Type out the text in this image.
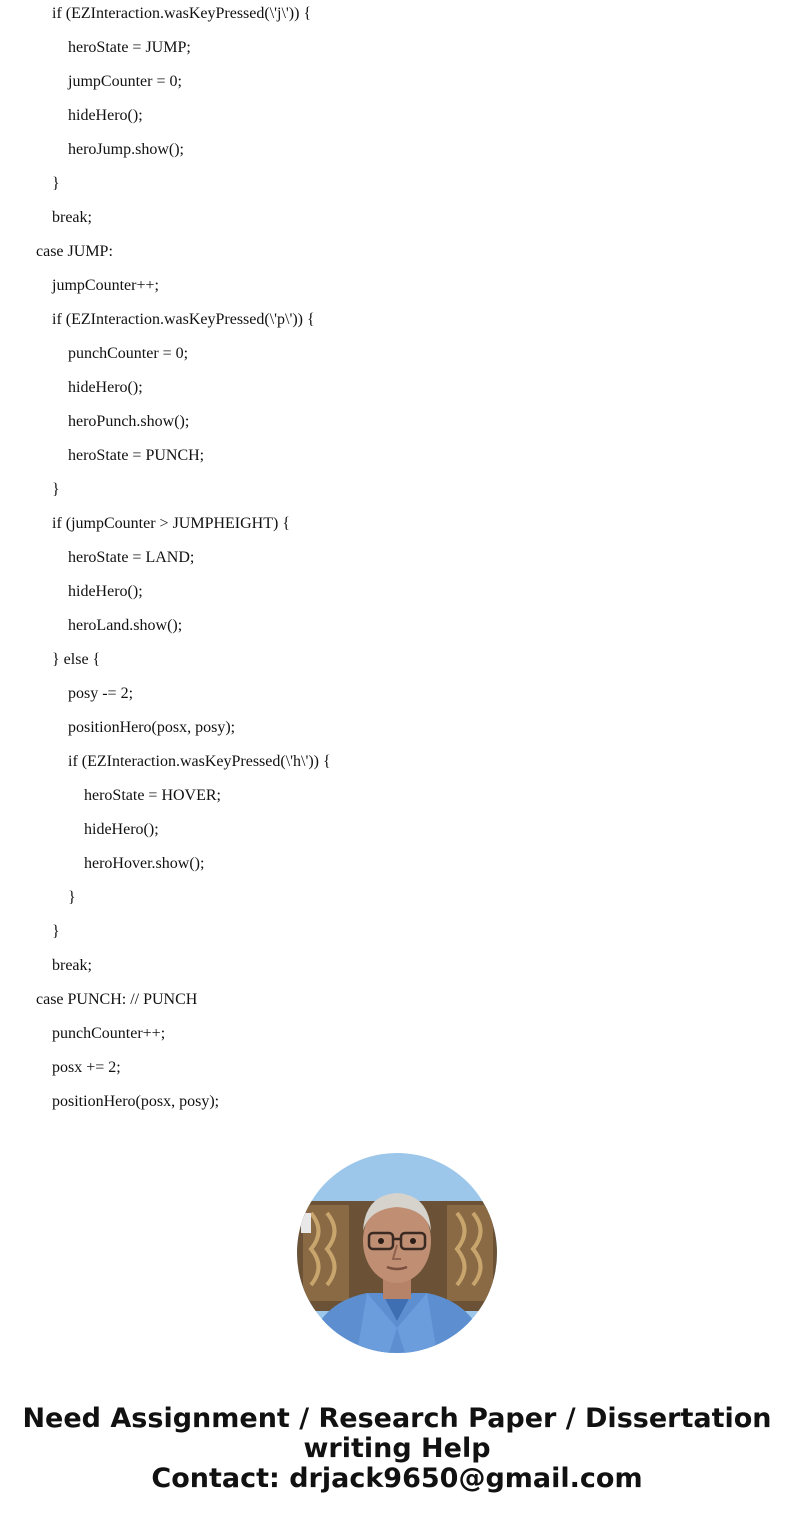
if (EZInteraction.wasKeyPressed(\'j\')) {
heroState = JUMP;
jumpCounter = 0;
hideHero();
heroJump.show();
}
break;
case JUMP:
jumpCounter++;
if (EZInteraction.wasKeyPressed(\'p\')) {
punchCounter = 0;
hideHero();
heroPunch.show();
heroState = PUNCH;
}
if (jumpCounter > JUMPHEIGHT) {
heroState = LAND;
hideHero();
heroLand.show();
} else {
posy -= 2;
positionHero(posx, posy);
if (EZInteraction.wasKeyPressed(\'h\')) {
heroState = HOVER;
hideHero();
heroHover.show();
}
}
break;
case PUNCH: // PUNCH
punchCounter++;
posx += 2;
positionHero(posx, posy);
Need Assignment / Research Paper / Dissertation
writing Help
Contact: drjack9650@gmail.com
